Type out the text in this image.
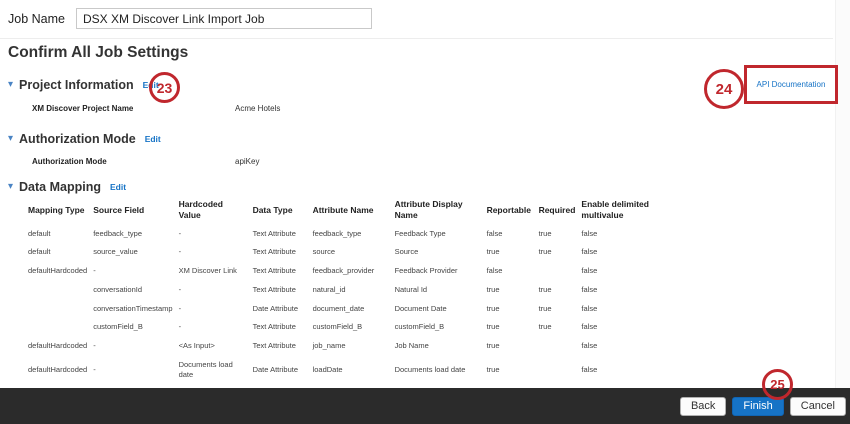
Job Name
DSX XM Discover Link Import Job
Confirm All Job Settings
▾ Project Information Edit
XM Discover Project Name	Acme Hotels
▾ Authorization Mode Edit
Authorization Mode	apiKey
▾ Data Mapping Edit
Mapping Type	Source Field	Hardcoded Value	Data Type	Attribute Name	Attribute Display Name	Reportable	Required	Enable delimited multivalue
default	feedback_type	-	Text Attribute	feedback_type	Feedback Type	false	true	false
default	source_value	-	Text Attribute	source	Source	true	true	false
defaultHardcoded	-	XM Discover Link	Text Attribute	feedback_provider	Feedback Provider	false		false
	conversationId	-	Text Attribute	natural_id	Natural Id	true	true	false
	conversationTimestamp	-	Date Attribute	document_date	Document Date	true	true	false
	customField_B	-	Text Attribute	customField_B	customField_B	true	true	false
defaultHardcoded	-	<As Input>	Text Attribute	job_name	Job Name	true		false
defaultHardcoded	-	Documents load date	Date Attribute	loadDate	Documents load date	true		false
23	24	API Documentation
25
Back	Finish	Cancel
